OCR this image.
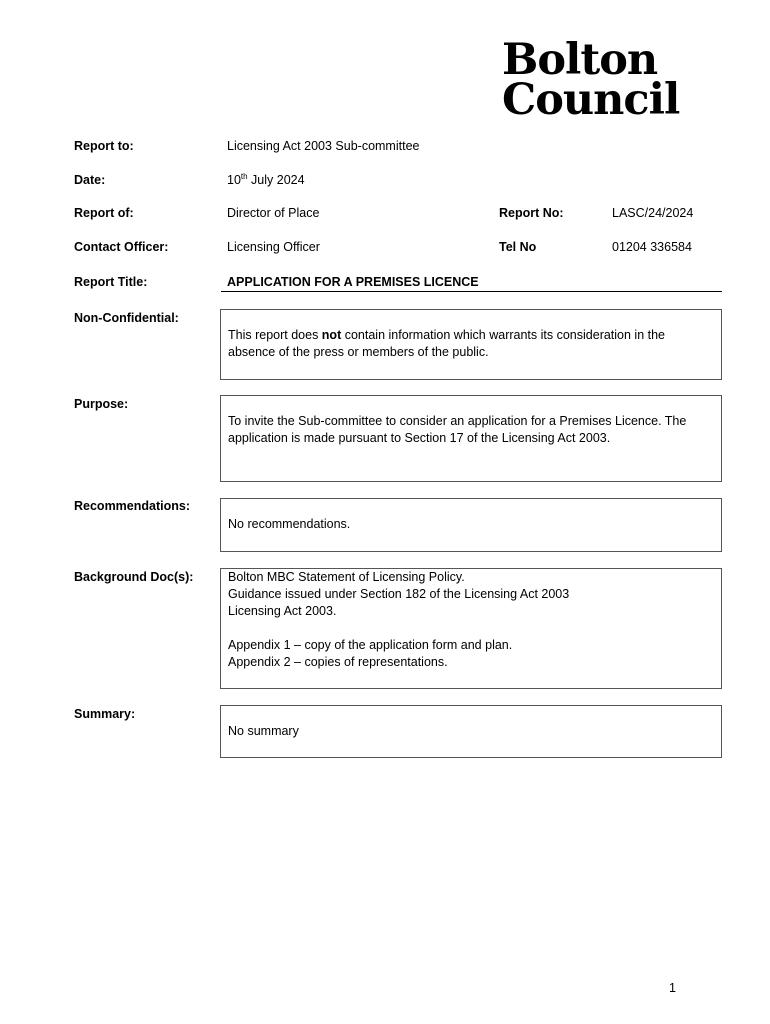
Bolton
Council
Report to:	Licensing Act 2003 Sub-committee
Date:	10th July 2024
Report of:	Director of Place	Report No:	LASC/24/2024
Contact Officer:	Licensing Officer	Tel No	01204 336584
Report Title:	APPLICATION FOR A PREMISES LICENCE
Non-Confidential:

This report does not contain information which warrants its consideration in the absence of the press or members of the public.

Purpose:

To invite the Sub-committee to consider an application for a Premises Licence. The application is made pursuant to Section 17 of the Licensing Act 2003.

Recommendations:

No recommendations.

Background Doc(s):	Bolton MBC Statement of Licensing Policy.

Guidance issued under Section 182 of the Licensing Act 2003

Licensing Act 2003.

Appendix 1 – copy of the application form and plan.

Appendix 2 – copies of representations.

Summary:

No summary

1
